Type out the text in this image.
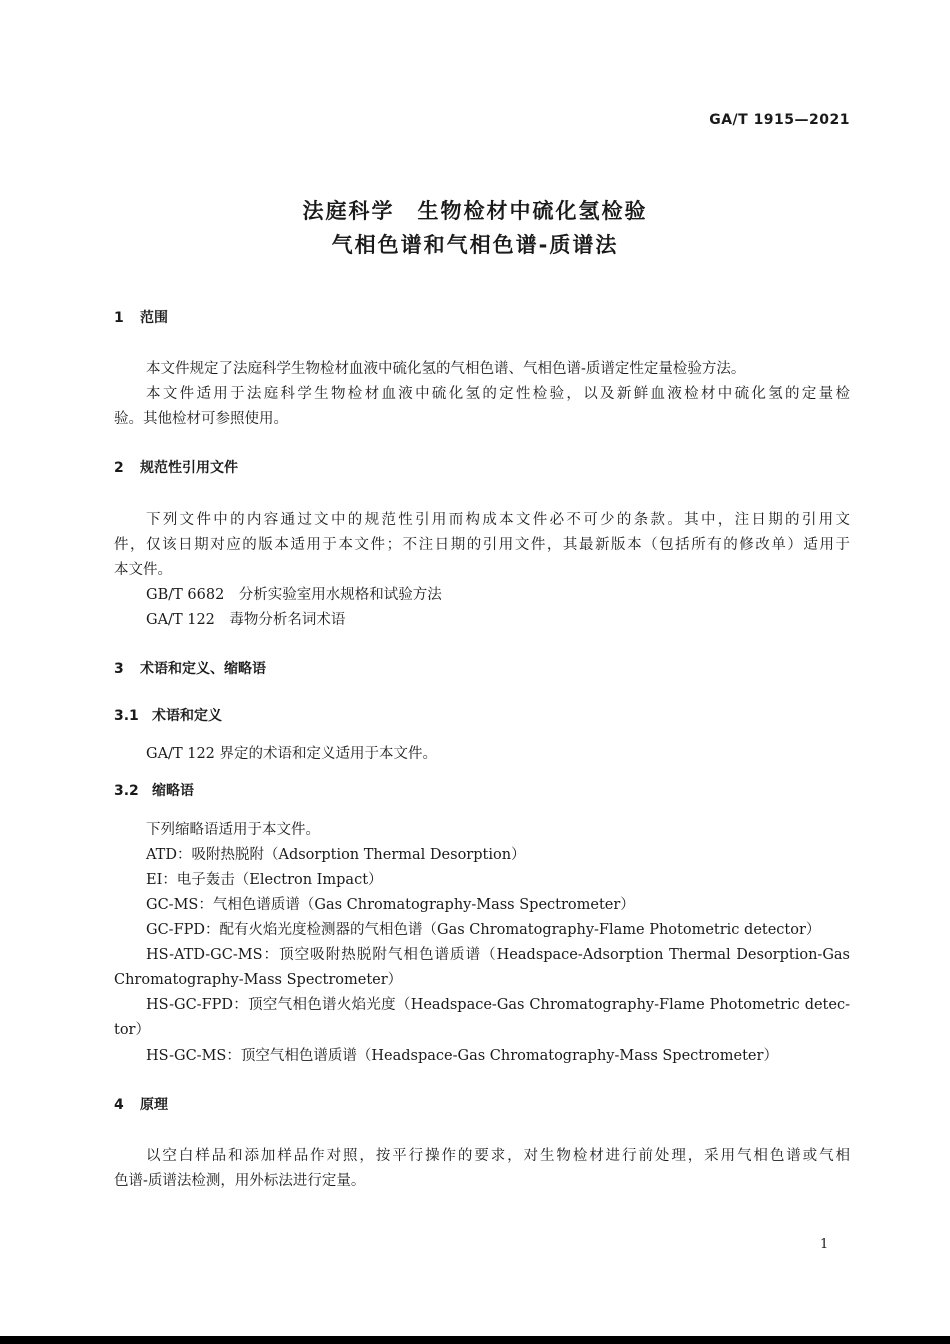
GA/T 1915—2021
法庭科学　生物检材中硫化氢检验
气相色谱和气相色谱-质谱法
1 范围
本文件规定了法庭科学生物检材血液中硫化氢的气相色谱、气相色谱-质谱定性定量检验方法。
本文件适用于法庭科学生物检材血液中硫化氢的定性检验，以及新鲜血液检材中硫化氢的定量检
验。其他检材可参照使用。
2 规范性引用文件
下列文件中的内容通过文中的规范性引用而构成本文件必不可少的条款。其中，注日期的引用文
件，仅该日期对应的版本适用于本文件；不注日期的引用文件，其最新版本（包括所有的修改单）适用于
本文件。
GB/T 6682　分析实验室用水规格和试验方法
GA/T 122　毒物分析名词术语
3 术语和定义、缩略语
3.1 术语和定义
GA/T 122 界定的术语和定义适用于本文件。
3.2 缩略语
下列缩略语适用于本文件。
ATD：吸附热脱附（Adsorption Thermal Desorption）
EI：电子轰击（Electron Impact）
GC-MS：气相色谱质谱（Gas Chromatography-Mass Spectrometer）
GC-FPD：配有火焰光度检测器的气相色谱（Gas Chromatography-Flame Photometric detector）
HS-ATD-GC-MS：顶空吸附热脱附气相色谱质谱（Headspace-Adsorption Thermal Desorption-Gas
Chromatography-Mass Spectrometer）
HS-GC-FPD：顶空气相色谱火焰光度（Headspace-Gas Chromatography-Flame Photometric detec-
tor）
HS-GC-MS：顶空气相色谱质谱（Headspace-Gas Chromatography-Mass Spectrometer）
4 原理
以空白样品和添加样品作对照，按平行操作的要求，对生物检材进行前处理，采用气相色谱或气相
色谱-质谱法检测，用外标法进行定量。
1
